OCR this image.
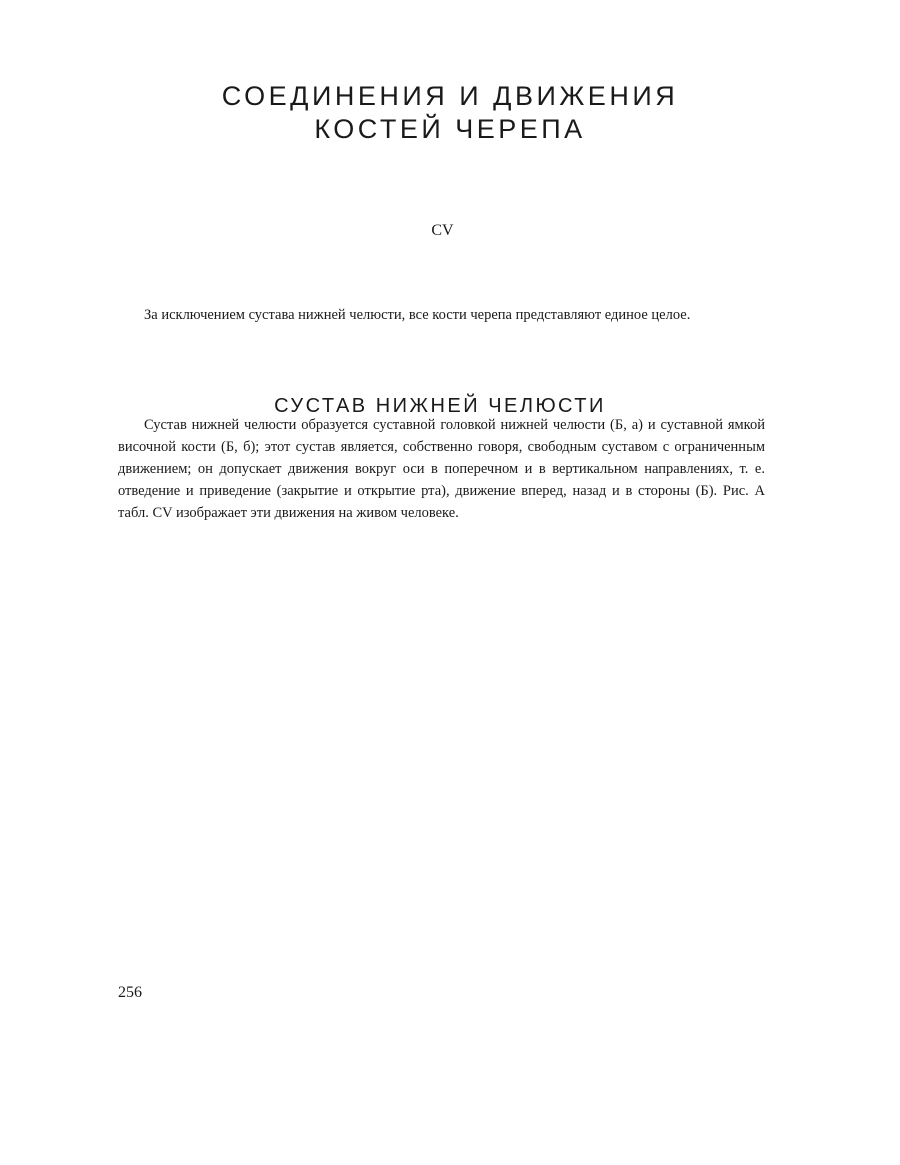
СОЕДИНЕНИЯ И ДВИЖЕНИЯ
КОСТЕЙ ЧЕРЕПА
CV

За исключением сустава нижней челюсти, все кости черепа представляют единое целое.

СУСТАВ НИЖНЕЙ ЧЕЛЮСТИ

Сустав нижней челюсти образуется суставной головкой нижней челюсти (Б, а) и суставной ямкой височной кости (Б, б); этот сустав является, собственно говоря, свободным суставом с ограниченным движением; он допускает движения вокруг оси в поперечном и в вертикальном направлениях, т. е. отведение и приведение (закрытие и открытие рта), движение вперед, назад и в стороны (Б). Рис. А табл. CV изображает эти движения на живом человеке.

256
